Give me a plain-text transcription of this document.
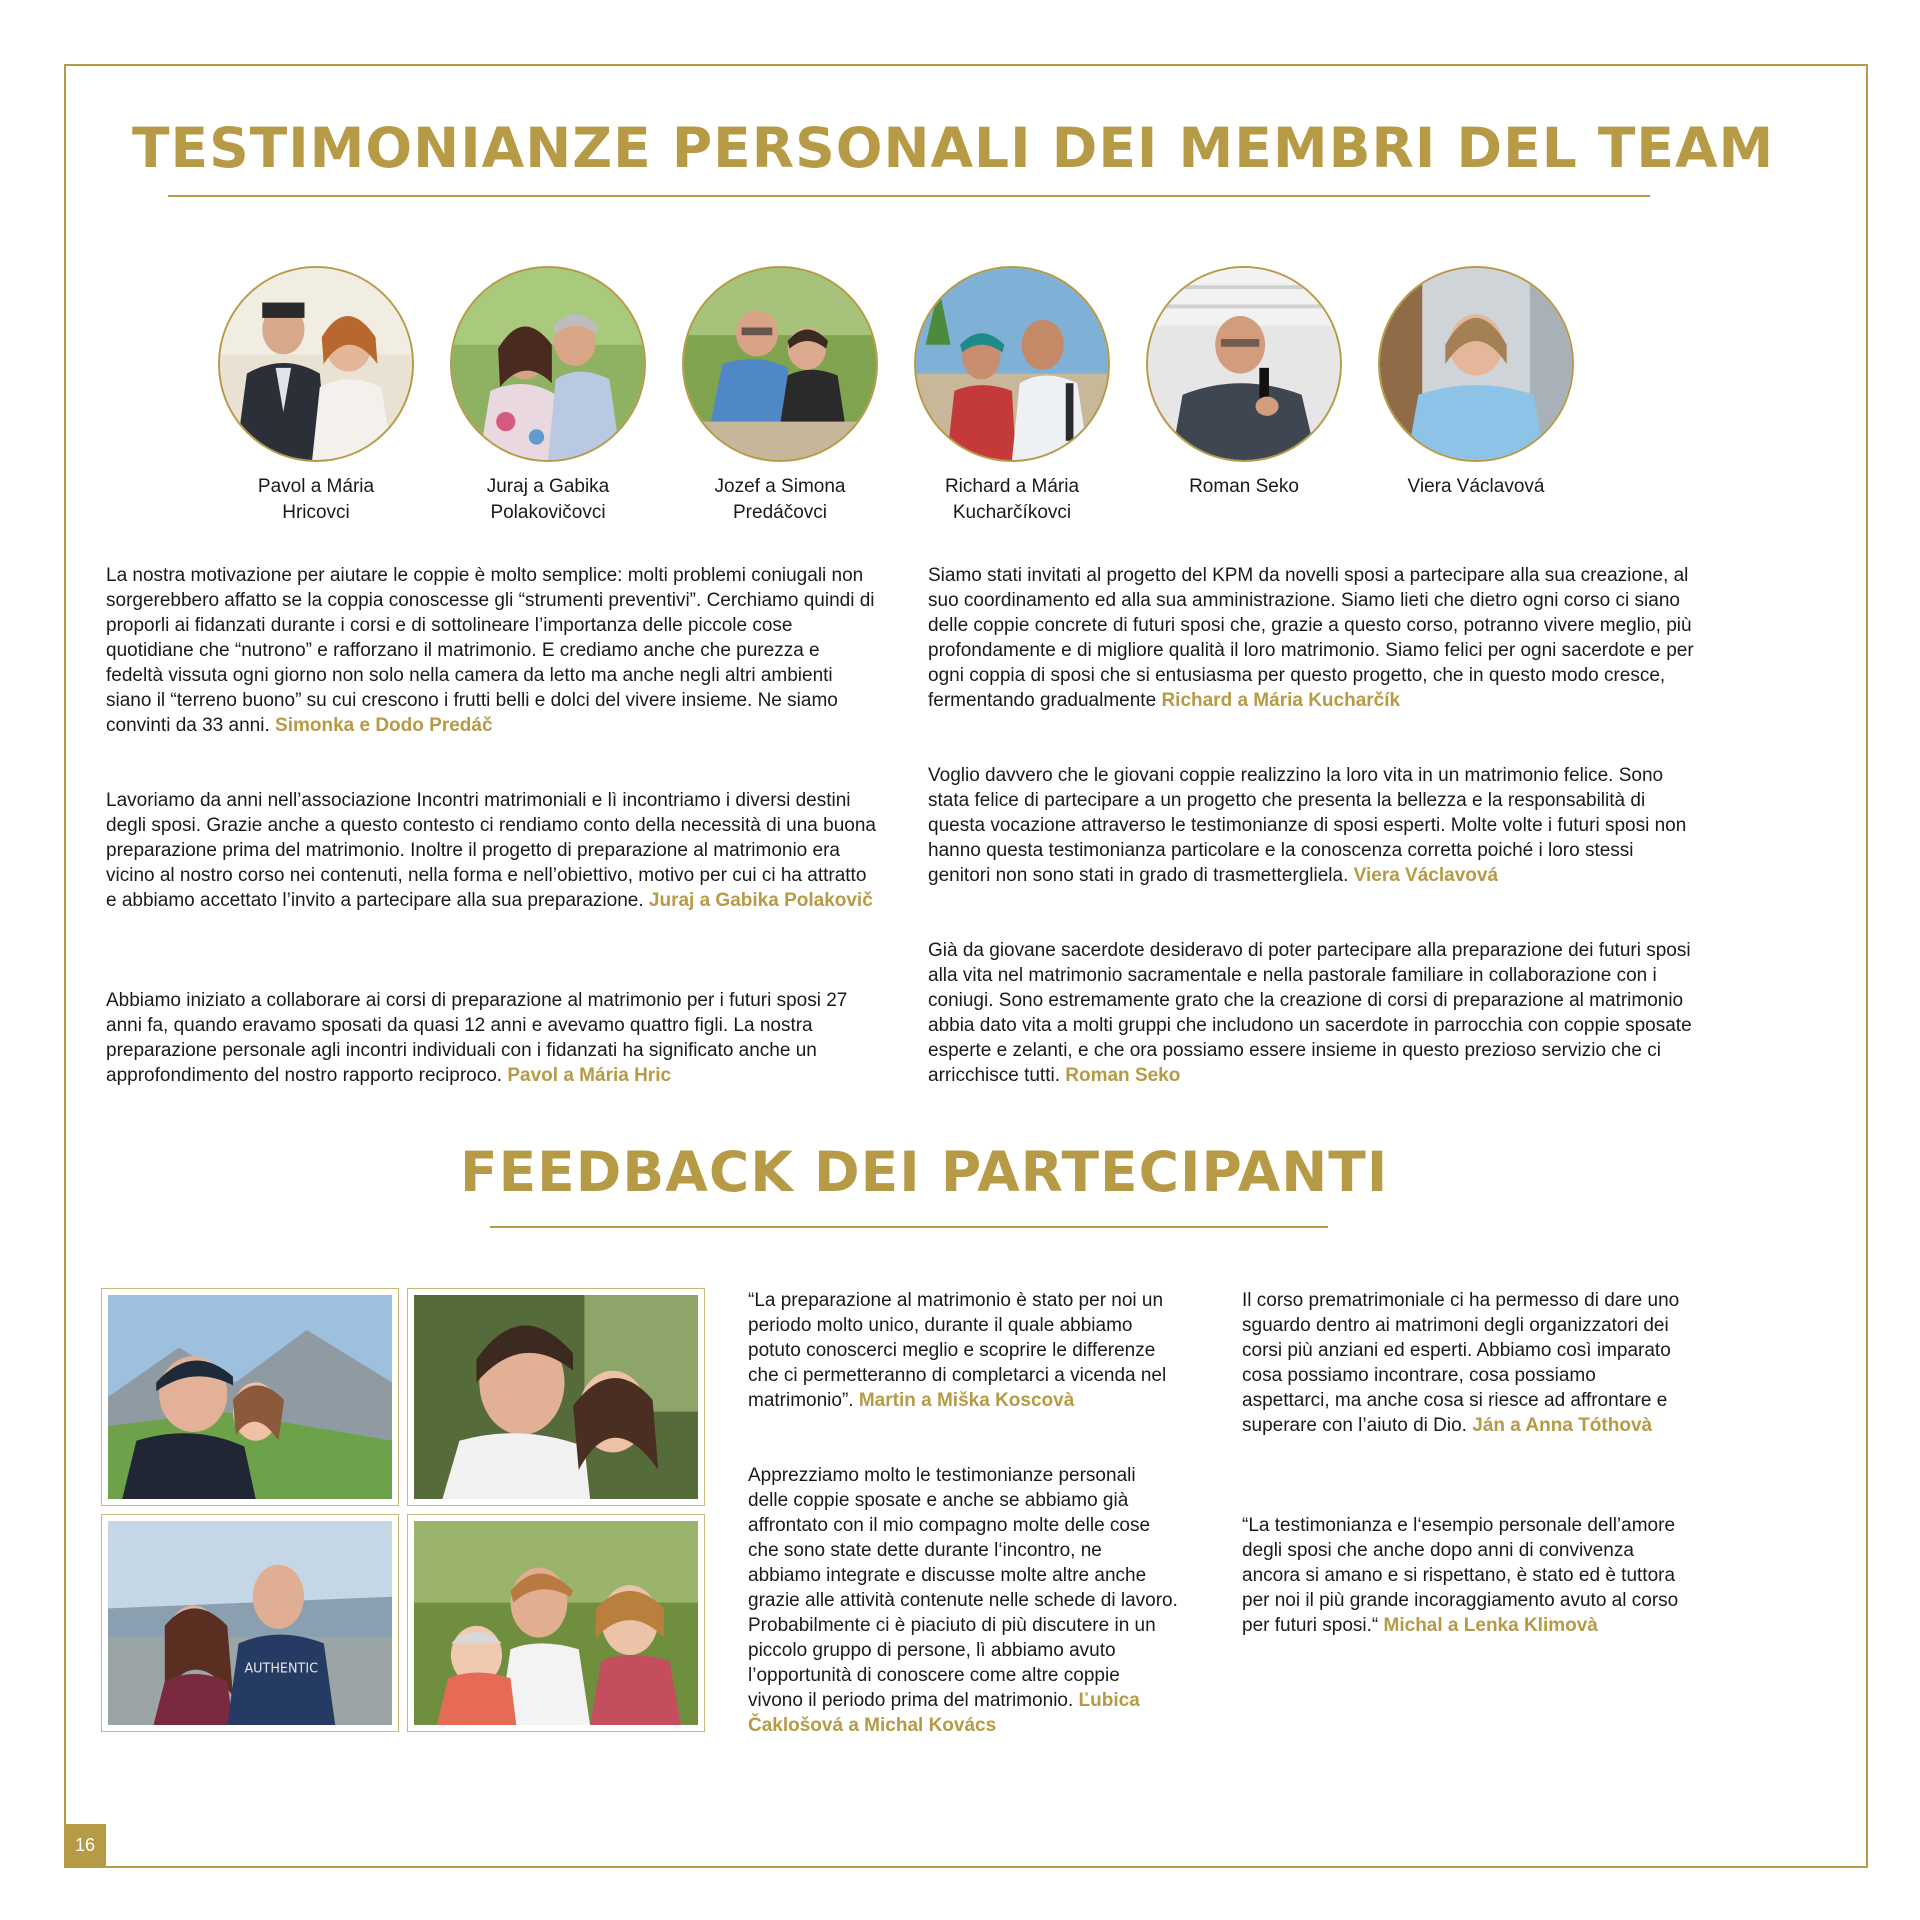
TESTIMONIANZE PERSONALI DEI MEMBRI DEL TEAM
Pavol a Mária
Hricovci
Juraj a Gabika
Polakovičovci
Jozef a Simona
Predáčovci
Richard a Mária
Kucharčíkovci
Roman Seko	Viera Václavová

La nostra motivazione per aiutare le coppie è molto semplice: molti problemi coniugali non sorgerebbero affatto se la coppia conoscesse gli “strumenti preventivi”. Cerchiamo quindi di proporli ai fidanzati durante i corsi e di sottolineare l’importanza delle piccole cose quotidiane che “nutrono” e rafforzano il matrimonio. E crediamo anche che purezza e fedeltà vissuta ogni giorno non solo nella camera da letto ma anche negli altri ambienti siano il “terreno buono” su cui crescono i frutti belli e dolci del vivere insieme. Ne siamo convinti da 33 anni. Simonka e Dodo Predáč

Lavoriamo da anni nell’associazione Incontri matrimoniali e lì incontriamo i diversi destini degli sposi. Grazie anche a questo contesto ci rendiamo conto della necessità di una buona preparazione prima del matrimonio. Inoltre il progetto di preparazione al matrimonio era vicino al nostro corso nei contenuti, nella forma e nell’obiettivo, motivo per cui ci ha attratto e abbiamo accettato l’invito a partecipare alla sua preparazione. Juraj a Gabika Polakovič

Abbiamo iniziato a collaborare ai corsi di preparazione al matrimonio per i futuri sposi 27 anni fa, quando eravamo sposati da quasi 12 anni e avevamo quattro figli. La nostra preparazione personale agli incontri individuali con i fidanzati ha significato anche un approfondimento del nostro rapporto reciproco. Pavol a Mária Hric

Siamo stati invitati al progetto del KPM da novelli sposi a partecipare alla sua creazione, al suo coordinamento ed alla sua amministrazione. Siamo lieti che dietro ogni corso ci siano delle coppie concrete di futuri sposi che, grazie a questo corso, potranno vivere meglio, più profondamente e di migliore qualità il loro matrimonio. Siamo felici per ogni sacerdote e per ogni coppia di sposi che si entusiasma per questo progetto, che in questo modo cresce, fermentando gradualmente Richard a Mária Kucharčík

Voglio davvero che le giovani coppie realizzino la loro vita in un matrimonio felice. Sono stata felice di partecipare a un progetto che presenta la bellezza e la responsabilità di questa vocazione attraverso le testimonianze di sposi esperti. Molte volte i futuri sposi non hanno questa testimonianza particolare e la conoscenza corretta poiché i loro stessi genitori non sono stati in grado di trasmettergliela. Viera Václavová

Già da giovane sacerdote desideravo di poter partecipare alla preparazione dei futuri sposi alla vita nel matrimonio sacramentale e nella pastorale familiare in collaborazione con i coniugi. Sono estremamente grato che la creazione di corsi di preparazione al matrimonio abbia dato vita a molti gruppi che includono un sacerdote in parrocchia con coppie sposate esperte e zelanti, e che ora possiamo essere insieme in questo prezioso servizio che ci arricchisce tutti. Roman Seko

FEEDBACK DEI PARTECIPANTI
AUTHENTIC

“La preparazione al matrimonio è stato per noi un periodo molto unico, durante il quale abbiamo potuto conoscerci meglio e scoprire le differenze che ci permetteranno di completarci a vicenda nel matrimonio”. Martin a Miška Koscovà

Apprezziamo molto le testimonianze personali delle coppie sposate e anche se abbiamo già affrontato con il mio compagno molte delle cose che sono state dette durante l‘incontro, ne abbiamo integrate e discusse molte altre anche grazie alle attività contenute nelle schede di lavoro. Probabilmente ci è piaciuto di più discutere in un piccolo gruppo di persone, lì abbiamo avuto l’opportunità di conoscere come altre coppie vivono il periodo prima del matrimonio. Ľubica Čaklošová a Michal Kovács

Il corso prematrimoniale ci ha permesso di dare uno sguardo dentro ai matrimoni degli organizzatori dei corsi più anziani ed esperti. Abbiamo così imparato cosa possiamo incontrare, cosa possiamo aspettarci, ma anche cosa si riesce ad affrontare e superare con l’aiuto di Dio. Ján a Anna Tóthovà

“La testimonianza e l‘esempio personale dell’amore degli sposi che anche dopo anni di convivenza ancora si amano e si rispettano, è stato ed è tuttora per noi il più grande incoraggiamento avuto al corso per futuri sposi.“ Michal a Lenka Klimovà

16
